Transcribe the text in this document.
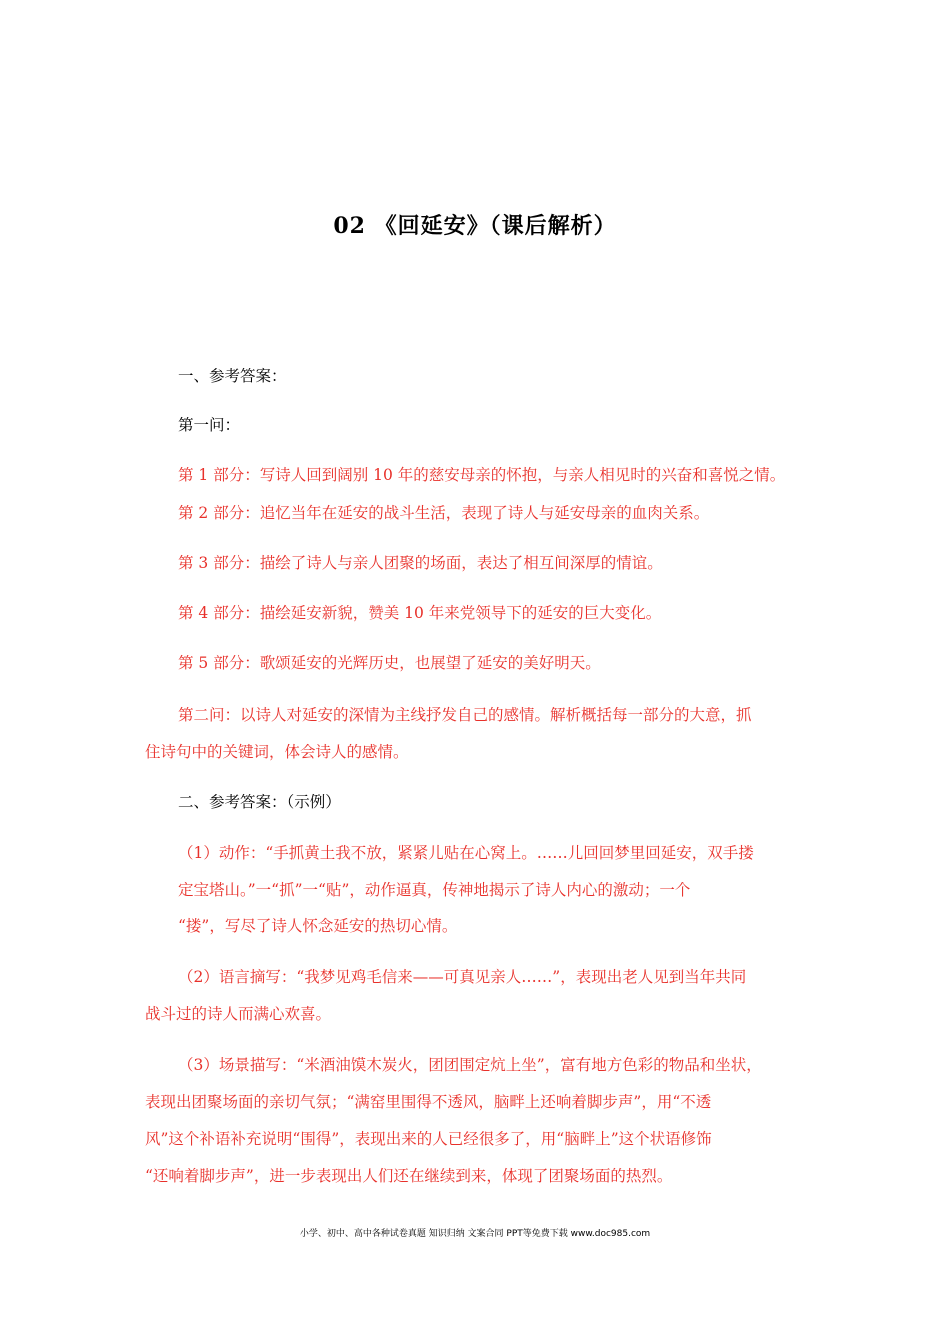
02 《回延安》（课后解析）
一、参考答案：
第一问：
第 1 部分：写诗人回到阔别 10 年的慈安母亲的怀抱，与亲人相见时的兴奋和喜悦之情。
第 2 部分：追忆当年在延安的战斗生活，表现了诗人与延安母亲的血肉关系。
第 3 部分：描绘了诗人与亲人团聚的场面，表达了相互间深厚的情谊。
第 4 部分：描绘延安新貌，赞美 10 年来党领导下的延安的巨大变化。
第 5 部分：歌颂延安的光辉历史，也展望了延安的美好明天。
第二问：以诗人对延安的深情为主线抒发自己的感情。解析概括每一部分的大意，抓
住诗句中的关键词，体会诗人的感情。
二、参考答案：（示例）
（1）动作：“手抓黄土我不放，紧紧儿贴在心窝上。……儿回回梦里回延安，双手搂
定宝塔山。”一“抓”一“贴”，动作逼真，传神地揭示了诗人内心的激动；一个
“搂”，写尽了诗人怀念延安的热切心情。
（2）语言摘写：“我梦见鸡毛信来——可真见亲人……”，表现出老人见到当年共同
战斗过的诗人而满心欢喜。
（3）场景描写：“米酒油馍木炭火，团团围定炕上坐”，富有地方色彩的物品和坐状，
表现出团聚场面的亲切气氛；“满窑里围得不透风，脑畔上还响着脚步声”，用“不透
风”这个补语补充说明“围得”，表现出来的人已经很多了，用“脑畔上”这个状语修饰
“还响着脚步声”，进一步表现出人们还在继续到来，体现了团聚场面的热烈。
小学、初中、高中各种试卷真题 知识归纳 文案合同 PPT等免费下载 www.doc985.com
